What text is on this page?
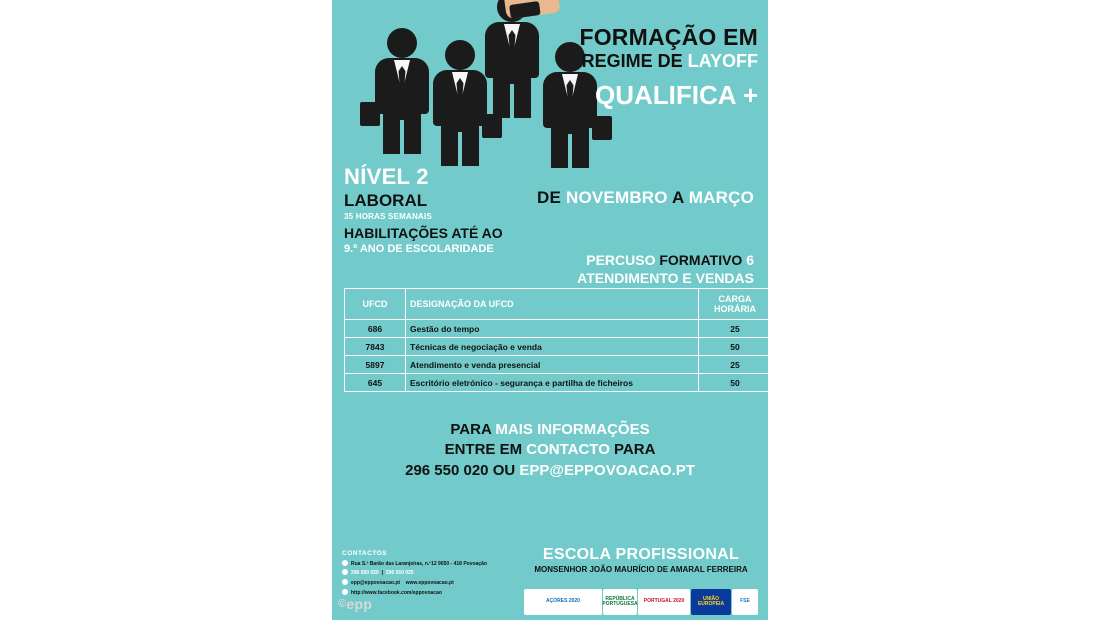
FORMAÇÃO EM
REGIME DE LAYOFF
QUALIFICA +
NÍVEL 2
LABORAL
35 HORAS SEMANAIS
HABILITAÇÕES ATÉ AO
9.º ANO DE ESCOLARIDADE
DE NOVEMBRO A MARÇO
PERCUSO FORMATIVO 6
ATENDIMENTO E VENDAS
UFCD	DESIGNAÇÃO DA UFCD	CARGA HORÁRIA
686	Gestão do tempo	25
7843	Técnicas de negociação e venda	50
5897	Atendimento e venda presencial	25
645	Escritório eletrónico - segurança e partilha de ficheiros	50
PARA MAIS INFORMAÇÕES
ENTRE EM CONTACTO PARA
296 550 020 OU EPP@EPPOVOACAO.PT
CONTACTOS
Rua S.ª Barão das Laranjeiras, n.º12 9650 - 418 Povoação
296 550 020  |  296 550 025
epp@eppovoacao.pt www.eppovoacao.pt
http://www.facebook.com/eppovoacao
ESCOLA PROFISSIONAL
MONSENHOR JOÃO MAURÍCIO DE AMARAL FERREIRA
AÇORES 2020	REPÚBLICA PORTUGUESA	PORTUGAL 2020	UNIÃO EUROPEIA	FSE
©epp
